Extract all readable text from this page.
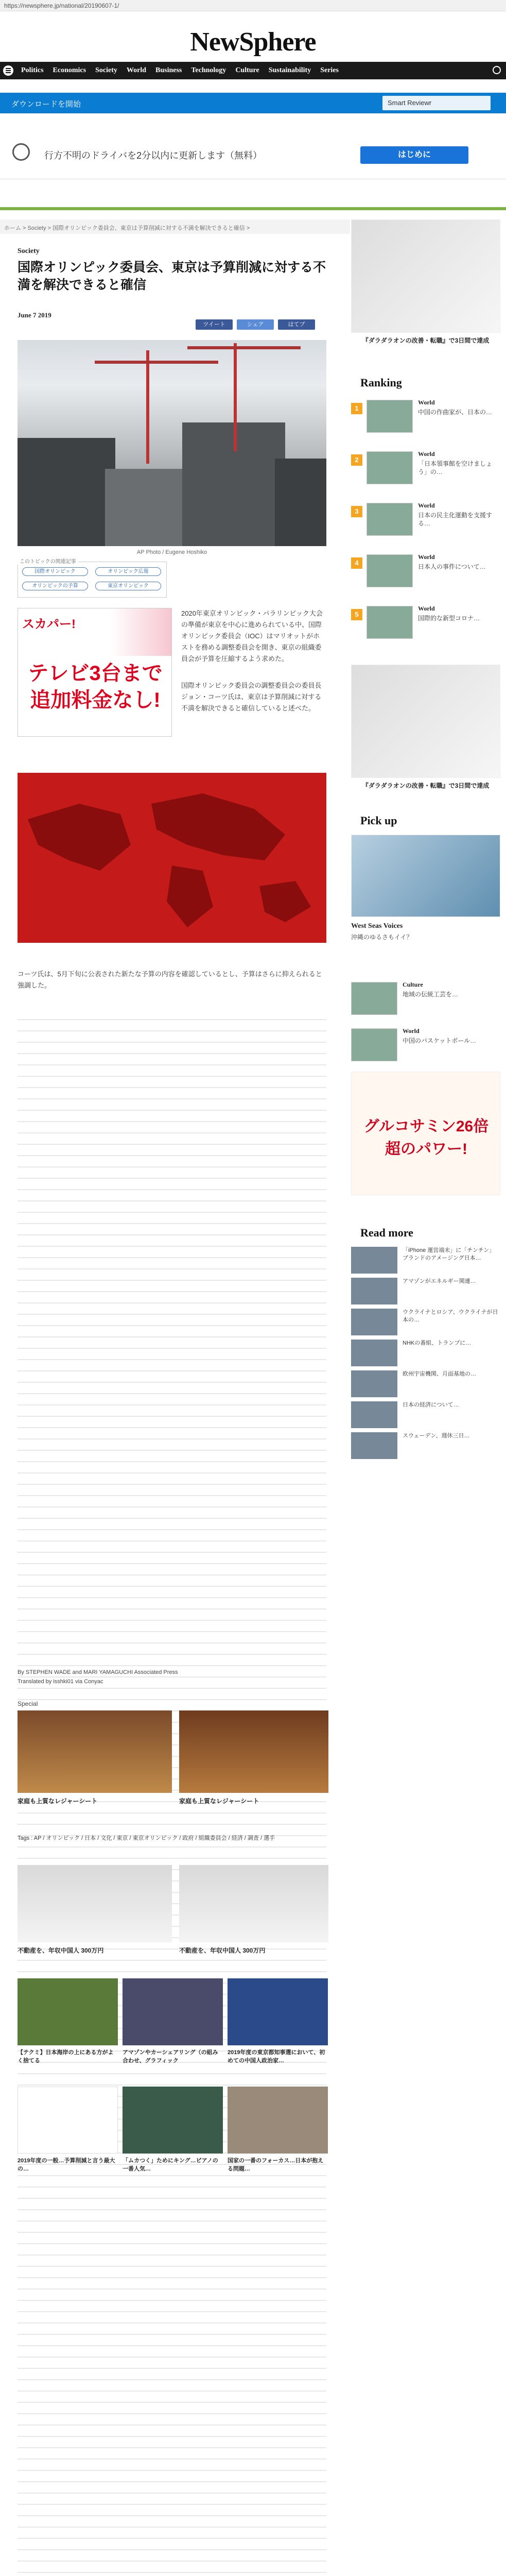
https://newsphere.jp/national/20190607-1/
NewSphere
Politics	Economics	Society	World	Business	Technology	Culture	Sustainability	Series
ダウンロードを開始	Smart Reviewr
行方不明のドライバを2分以内に更新します（無料）	はじめに
ホーム > Society > 国際オリンピック委員会、東京は予算削減に対する不満を解決できると確信 >
Society
国際オリンピック委員会、東京は予算削減に対する不満を解決できると確信
June 7 2019
ツイート	シェア	はてブ
AP Photo / Eugene Hoshiko
このトピックの関連記事
国際オリンピック	オリンピック広報
オリンピックの予算	東京オリンピック
スカパー!
テレビ3台まで追加料金なし!

2020年東京オリンピック・パラリンピック大会の準備が東京を中心に進められている中、国際オリンピック委員会（IOC）はマリオットがホストを務める調整委員会を開き、東京の組織委員会が予算を圧縮するよう求めた。

国際オリンピック委員会の調整委員会の委員長ジョン・コーツ氏は、東京は予算削減に対する不満を解決できると確信していると述べた。

コーツ氏は、5月下旬に公表された新たな予算の内容を確認しているとし、予算はさらに抑えられると強調した。

By STEPHEN WADE and MARI YAMAGUCHI Associated Press
Translated by isshki01 via Conyac
Special
家庭も上質なレジャーシート	家庭も上質なレジャーシート
Tags : AP / オリンピック / 日本 / 文化 / 東京 / 東京オリンピック / 政府 / 組織委員会 / 経済 / 調査 / 選手
不動産を、年収中国人 300万円	不動産を、年収中国人 300万円
【テクミ】日本海岸の上にある方がよく捨てる
アマゾンやカーシェアリング（の組み合わせ、グラフィック
2019年度の東京都知事選において、初めての中国人政治家…
2019年度の一般…予算削減と言う最大の…
「ムカつく」ためにキング…ピアノの一番人気…
国家の一番のフォーカス…日本が抱える問題…
『ダラダラオンの改善・転職』で3日間で達成
Ranking
1
World
中国の作曲家が、日本の…
2
World
「日本領事館を空けましょう」の…
3
World
日本の民主化運動を支援する…
4
World
日本人の事件について…
5
World
国際的な新型コロナ…
『ダラダラオンの改善・転職』で3日間で達成
Pick up
West Seas Voices
沖縄のゆるさもイイ？
Culture
地域の伝統工芸を…
World
中国のバスケットボール…
グルコサミン26倍超のパワー!
Read more
「iPhone 運営端末」に「チンチン」ブランドのアメージング日本…
アマゾンがエネルギー関連…
ウクライナとロシア、ウクライナが日本の…
NHKの番組、トランプに…
欧州宇宙機関、月面基地の…
日本の経済について…
スウェーデン、週休三日…
